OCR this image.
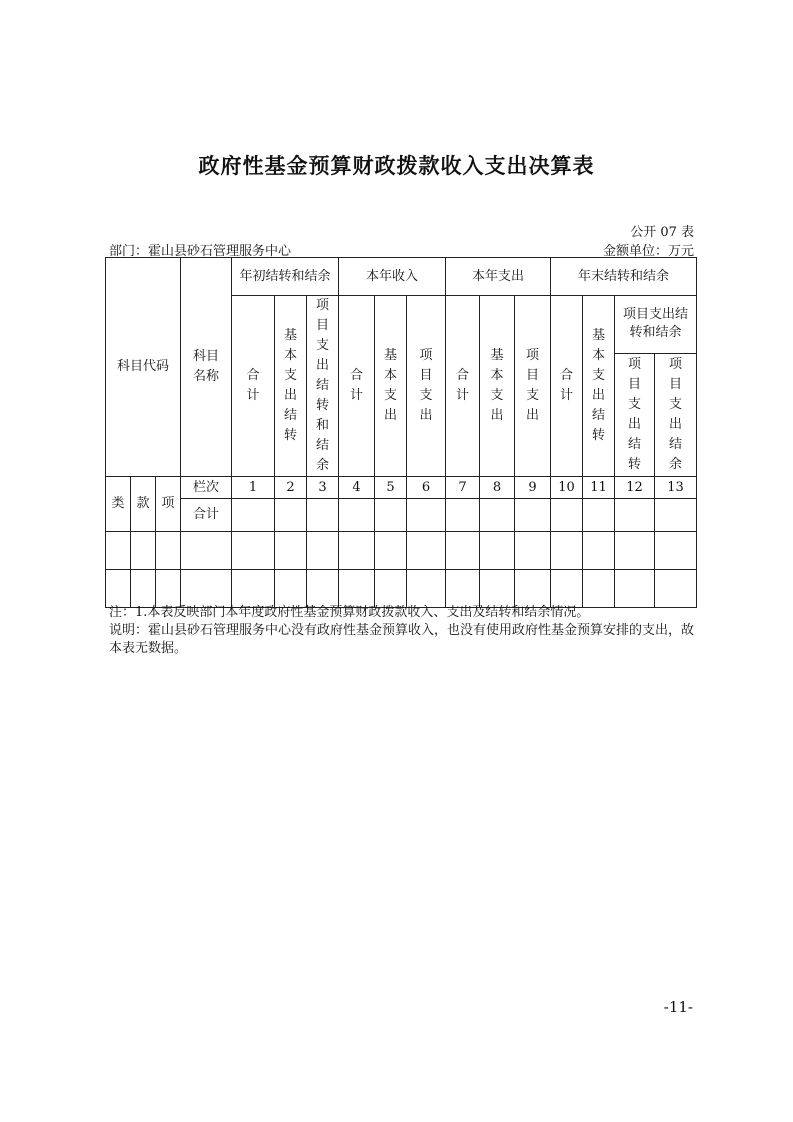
政府性基金预算财政拨款收入支出决算表
公开 07 表
部门：霍山县砂石管理服务中心	金额单位：万元
科目代码			科目名称	年初结转和结余			本年收入			本年支出			年末结转和结余			
				合计	基本支出结转	项目支出结转和结余	合计	基本支出	项目支出	合计	基本支出	项目支出	合计	基本支出结转	项目支出结转和结余	
															项目支出结转	项目支出结余
类	款	项	栏次	1	2	3	4	5	6	7	8	9	10	11	12	13
			合计													

注：1.本表反映部门本年度政府性基金预算财政拨款收入、支出及结转和结余情况。

说明：霍山县砂石管理服务中心没有政府性基金预算收入，也没有使用政府性基金预算安排的支出，故本表无数据。

-11-
